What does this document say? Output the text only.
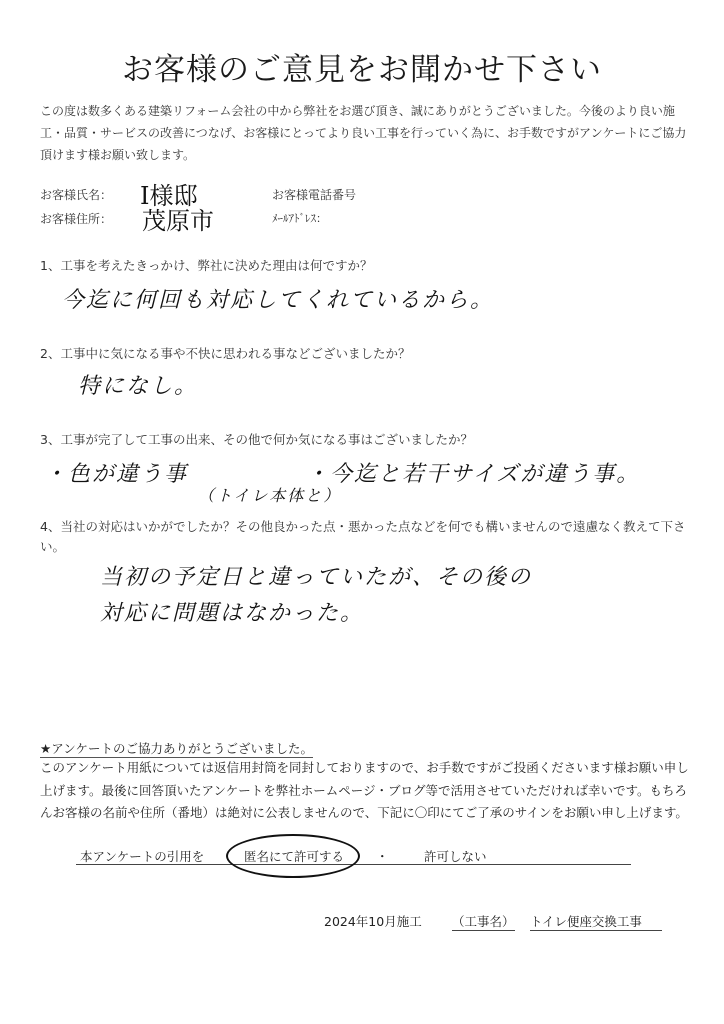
お客様のご意見をお聞かせ下さい
この度は数多くある建築リフォーム会社の中から弊社をお選び頂き、誠にありがとうございました。今後のより良い施工・品質・サービスの改善につなげ、お客様にとってより良い工事を行っていく為に、お手数ですがアンケートにご協力頂けます様お願い致します。
お客様氏名： I様邸
お客様住所： 茂原市
お客様電話番号
ﾒｰﾙｱﾄﾞﾚｽ：
1、工事を考えたきっかけ、弊社に決めた理由は何ですか？
今迄に何回も対応してくれているから。
2、工事中に気になる事や不快に思われる事などございましたか？
特になし。
3、工事が完了して工事の出来、その他で何か気になる事はございましたか？
・色が違う事
（トイレ本体と）
・今迄と若干サイズが違う事。
4、当社の対応はいかがでしたか？その他良かった点・悪かった点などを何でも構いませんので遠慮なく教えて下さい。
当初の予定日と違っていたが、その後の
対応に問題はなかった。
★アンケートのご協力ありがとうございました。
このアンケート用紙については返信用封筒を同封しておりますので、お手数ですがご投函くださいます様お願い申し上げます。最後に回答頂いたアンケートを弊社ホームページ・ブログ等で活用させていただければ幸いです。もちろんお客様の名前や住所（番地）は絶対に公表しませんので、下記に〇印にてご了承のサインをお願い申し上げます。
本アンケートの引用を	匿名にて許可する	・	許可しない
2024年10月施工 （工事名） トイレ便座交換工事
